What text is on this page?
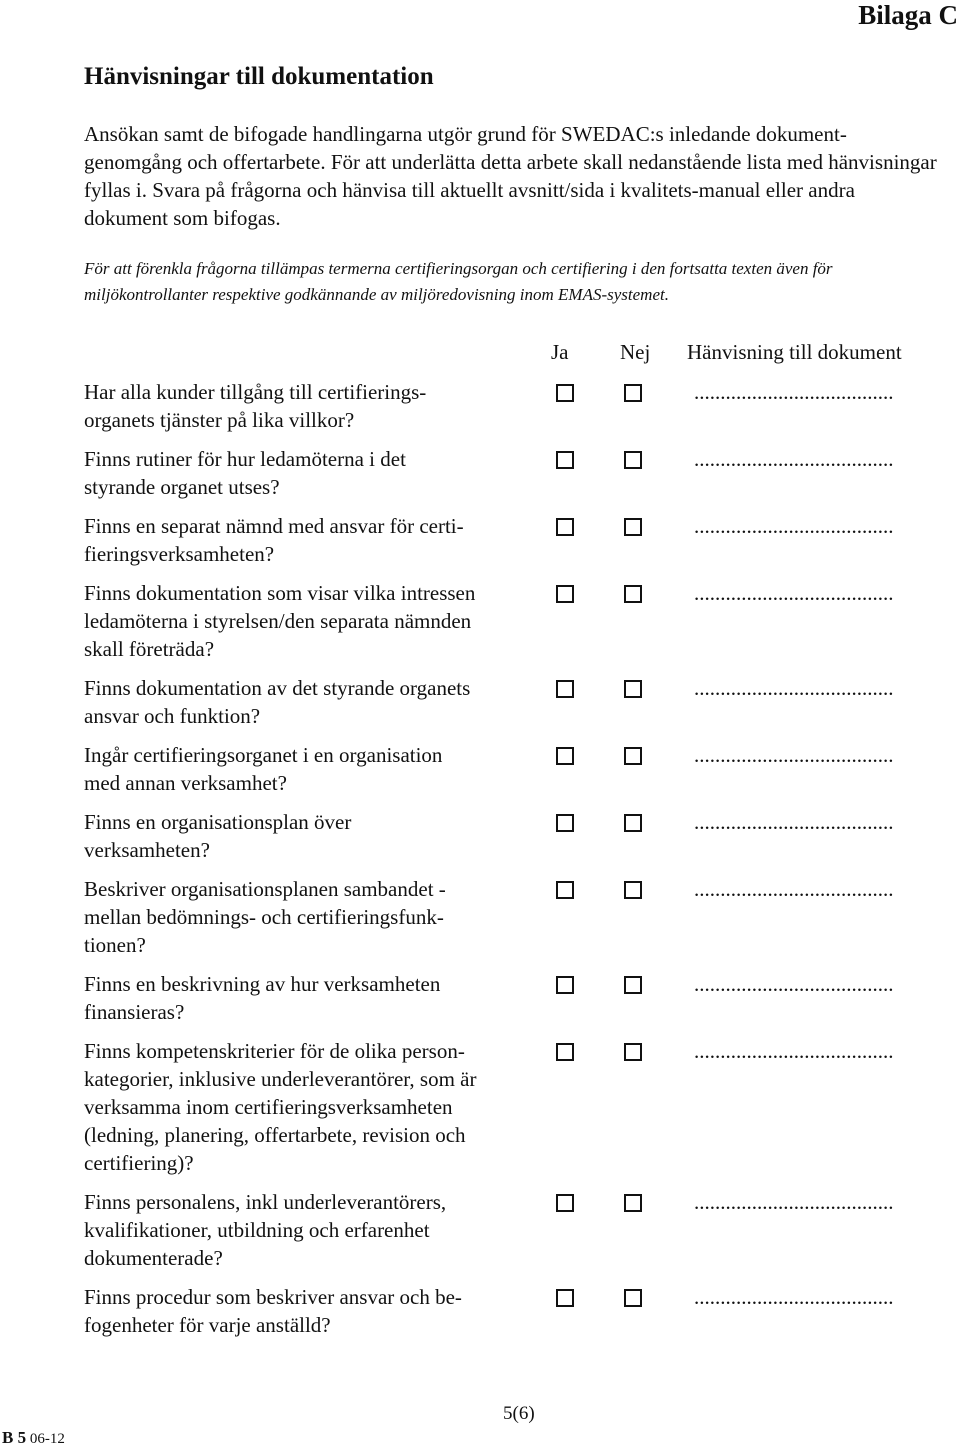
Bilaga C
Hänvisningar till dokumentation

Ansökan samt de bifogade handlingarna utgör grund för SWEDAC:s inledande dokument-genomgång och offertarbete. För att underlätta detta arbete skall nedanstående lista med hänvisningar fyllas i. Svara på frågorna och hänvisa till aktuellt avsnitt/sida i kvalitets-manual eller andra dokument som bifogas.

För att förenkla frågorna tillämpas termerna certifieringsorgan och certifiering i den fortsatta texten även för miljökontrollanter respektive godkännande av miljöredovisning inom EMAS-systemet.

Ja Nej Hänvisning till dokument
Har alla kunder tillgång till certifierings-
organets tjänster på lika villkor?
......................................
Finns rutiner för hur ledamöterna i det
styrande organet utses?
......................................
Finns en separat nämnd med ansvar för certi-
fieringsverksamheten?
......................................
Finns dokumentation som visar vilka intressen
ledamöterna i styrelsen/den separata nämnden
skall företräda?
......................................
Finns dokumentation av det styrande organets
ansvar och funktion?
......................................
Ingår certifieringsorganet i en organisation
med annan verksamhet?
......................................
Finns en organisationsplan över
verksamheten?
......................................
Beskriver organisationsplanen sambandet -
mellan bedömnings- och certifieringsfunk-
tionen?
......................................
Finns en beskrivning av hur verksamheten
finansieras?
......................................
Finns kompetenskriterier för de olika person-
kategorier, inklusive underleverantörer, som är
verksamma inom certifieringsverksamheten
(ledning, planering, offertarbete, revision och
certifiering)?
......................................
Finns personalens, inkl underleverantörers,
kvalifikationer, utbildning och erfarenhet
dokumenterade?
......................................
Finns procedur som beskriver ansvar och be-
fogenheter för varje anställd?
......................................
5(6)
B 5 06-12
